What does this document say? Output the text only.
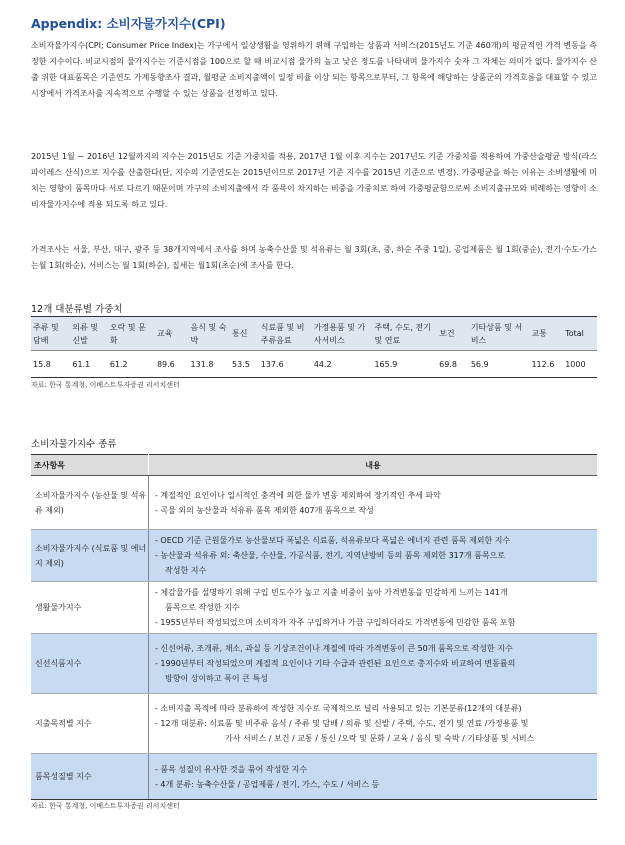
Appendix: 소비자물가지수(CPI)

소비자물가지수(CPI; Consumer Price Index)는 가구에서 일상생활을 영위하기 위해 구입하는 상품과 서비스(2015년도 기준 460개)의 평균적인 가격 변동을 측정한 지수이다. 비교시점의 물가지수는 기준시점을 100으로 할 때 비교시점 물가의 높고 낮은 정도를 나타내며 물가지수 숫자 그 자체는 의미가 없다. 물가지수 산출 위한 대표품목은 기준연도 가계동향조사 결과, 월평균 소비지출액이 일정 비율 이상 되는 항목으로부터, 그 항목에 해당하는 상품군의 가격흐름을 대표할 수 있고 시장에서 가격조사를 지속적으로 수행할 수 있는 상품을 선정하고 있다.

2015년 1월 ~ 2016년 12월까지의 지수는 2015년도 기준 가중치를 적용, 2017년 1월 이후 지수는 2017년도 기준 가중치를 적용하여 가중산술평균 방식(라스파이레스 산식)으로 지수를 산출한다(단, 지수의 기준연도는 2015년이므로 2017년 기준 지수를 2015년 기준으로 변경). 가중평균을 하는 이유는 소비생활에 미치는 영향이 품목마다 서로 다르기 때문이며 가구의 소비지출에서 각 품목이 차지하는 비중을 가중치로 하여 가중평균함으로써 소비지출규모와 비례하는 영향이 소비자물가지수에 적용 되도록 하고 있다.

가격조사는 서울, 부산, 대구, 광주 등 38개지역에서 조사를 하며 농축수산물 및 석유류는 월 3회(초, 중, 하순 주중 1일), 공업제품은 월 1회(중순), 전기·수도·가스는월 1회(하순), 서비스는 월 1회(하순), 집세는 월1회(초순)에 조사를 한다.

12개 대분류별 가중치
주류 및 담배	의류 및 신발	오락 및 문화	교육	음식 및 숙박	통신	식료품 및 비주류음료	가정용품 및 가사서비스	주택, 수도, 전기 및 연료	보건	기타상품 및 서비스	교통	Total
15.8	61.1	61.2	89.6	131.8	53.5	137.6	44.2	165.9	69.8	56.9	112.6	1000
자료: 한국 통계청, 이베스트투자증권 리서치센터
소비자물가지수 종류
조사항목	내용
소비자물가지수 (농산물 및 석유류 제외)	- 계절적인 요인이나 일시적인 충격에 의한 물가 변동 제외하여 장기적인 추세 파악
- 곡물 외의 농산물과 석유류 품목 제외한 407개 품목으로 작성

소비자물가지수 (식료품 및 에너지 제외)	- OECD 기준 근원물가로 농산물보다 폭넓은 식료품, 석유류보다 폭넓은 에너지 관련 품목 제외한 지수
- 농산물과 석유류 외: 축산물, 수산물, 가공식품, 전기, 지역난방비 등의 품목 제외한 317개 품목으로
작성한 지수

생활물가지수	- 체감물가를 설명하기 위해 구입 빈도수가 높고 지출 비중이 높아 가격변동을 민감하게 느끼는 141개
품목으로 작성한 지수
- 1955년부터 작성되었으며 소비자가 자주 구입하거나 가끔 구입하더라도 가격변동에 민감한 품목 포함

신선식품지수	- 신선어류, 조개류, 채소, 과실 등 기상조건이나 계절에 따라 가격변동이 큰 50개 품목으로 작성한 지수
- 1990년부터 작성되었으며 계절적 요인이나 기타 수급과 관련된 요인으로 총지수와 비교하여 변동률의
방향이 상이하고 폭이 큰 특성

지출목적별 지수	- 소비지출 목적에 따라 분류하여 작성한 지수로 국제적으로 널리 사용되고 있는 기본분류(12개의 대분류)
- 12개 대분류: 식료품 및 비주류 음식 / 주류 및 담배 / 의류 및 신발 / 주택, 수도, 전기 및 연료 /가정용품 및
가사 서비스 / 보건 / 교통 / 통신 /오락 및 문화 / 교육 / 음식 및 숙박 / 기타상품 및 서비스

품목성질별 지수	- 품목 성질이 유사한 것을 묶어 작성한 지수
- 4개 분류: 농축수산물 / 공업제품 / 전기, 가스, 수도 / 서비스 등
자료: 한국 통계청, 이베스트투자증권 리서치센터
